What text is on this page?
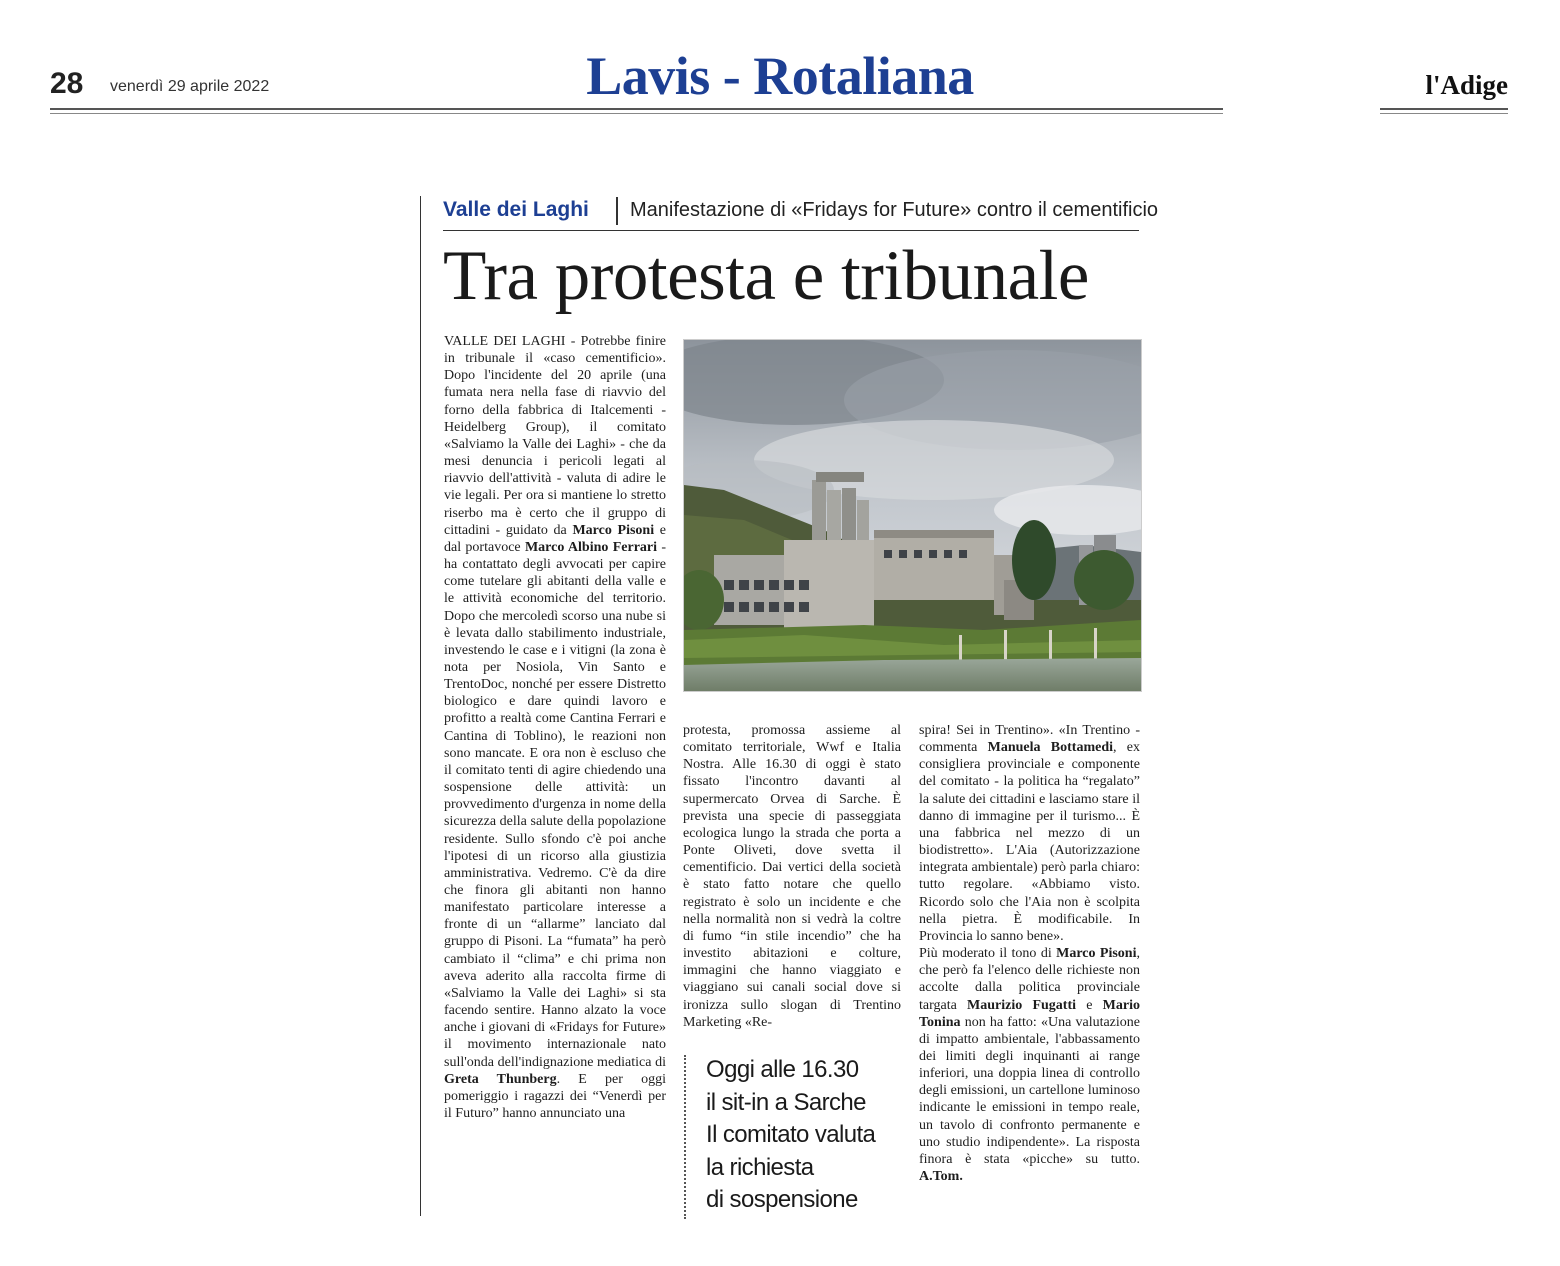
28 venerdì 29 aprile 2022	Lavis - Rotaliana	l'Adige
Valle dei Laghi Manifestazione di «Fridays for Future» contro il cementificio
Tra protesta e tribunale

VALLE DEI LAGHI - Potrebbe finire in tribunale il «caso cementificio». Dopo l'incidente del 20 aprile (una fumata nera nella fase di riavvio del forno della fabbrica di Italcementi - Heidelberg Group), il comitato «Salviamo la Valle dei Laghi» - che da mesi denuncia i pericoli legati al riavvio dell'attività - valuta di adire le vie legali. Per ora si mantiene lo stretto riserbo ma è certo che il gruppo di cittadini - guidato da Marco Pisoni e dal portavoce Marco Albino Ferrari - ha contattato degli avvocati per capire come tutelare gli abitanti della valle e le attività economiche del territorio. Dopo che mercoledì scorso una nube si è levata dallo stabilimento industriale, investendo le case e i vitigni (la zona è nota per Nosiola, Vin Santo e TrentoDoc, nonché per essere Distretto biologico e dare quindi lavoro e profitto a realtà come Cantina Ferrari e Cantina di Toblino), le reazioni non sono mancate. E ora non è escluso che il comitato tenti di agire chiedendo una sospensione delle attività: un provvedimento d'urgenza in nome della sicurezza della salute della popolazione residente. Sullo sfondo c'è poi anche l'ipotesi di un ricorso alla giustizia amministrativa. Vedremo. C'è da dire che finora gli abitanti non hanno manifestato particolare interesse a fronte di un “allarme” lanciato dal gruppo di Pisoni. La “fumata” ha però cambiato il “clima” e chi prima non aveva aderito alla raccolta firme di «Salviamo la Valle dei Laghi» si sta facendo sentire. Hanno alzato la voce anche i giovani di «Fridays for Future» il movimento internazionale nato sull'onda dell'indignazione mediatica di Greta Thunberg. E per oggi pomeriggio i ragazzi dei “Venerdì per il Futuro” hanno annunciato una

protesta, promossa assieme al comitato territoriale, Wwf e Italia Nostra. Alle 16.30 di oggi è stato fissato l'incontro davanti al supermercato Orvea di Sarche. È prevista una specie di passeggiata ecologica lungo la strada che porta a Ponte Oliveti, dove svetta il cementificio. Dai vertici della società è stato fatto notare che quello registrato è solo un incidente e che nella normalità non si vedrà la coltre di fumo “in stile incendio” che ha investito abitazioni e colture, immagini che hanno viaggiato e viaggiano sui canali social dove si ironizza sullo slogan di Trentino Marketing «Re-

Oggi alle 16.30
il sit-in a Sarche
Il comitato valuta
la richiesta
di sospensione

spira! Sei in Trentino». «In Trentino - commenta Manuela Bottamedi, ex consigliera provinciale e componente del comitato - la politica ha “regalato” la salute dei cittadini e lasciamo stare il danno di immagine per il turismo... È una fabbrica nel mezzo di un biodistretto». L'Aia (Autorizzazione integrata ambientale) però parla chiaro: tutto regolare. «Abbiamo visto. Ricordo solo che l'Aia non è scolpita nella pietra. È modificabile. In Provincia lo sanno bene».

Più moderato il tono di Marco Pisoni, che però fa l'elenco delle richieste non accolte dalla politica provinciale targata Maurizio Fugatti e Mario Tonina non ha fatto: «Una valutazione di impatto ambientale, l'abbassamento dei limiti degli inquinanti ai range inferiori, una doppia linea di controllo degli emissioni, un cartellone luminoso indicante le emissioni in tempo reale, un tavolo di confronto permanente e uno studio indipendente». La risposta finora è stata «picche» su tutto. A.Tom.
